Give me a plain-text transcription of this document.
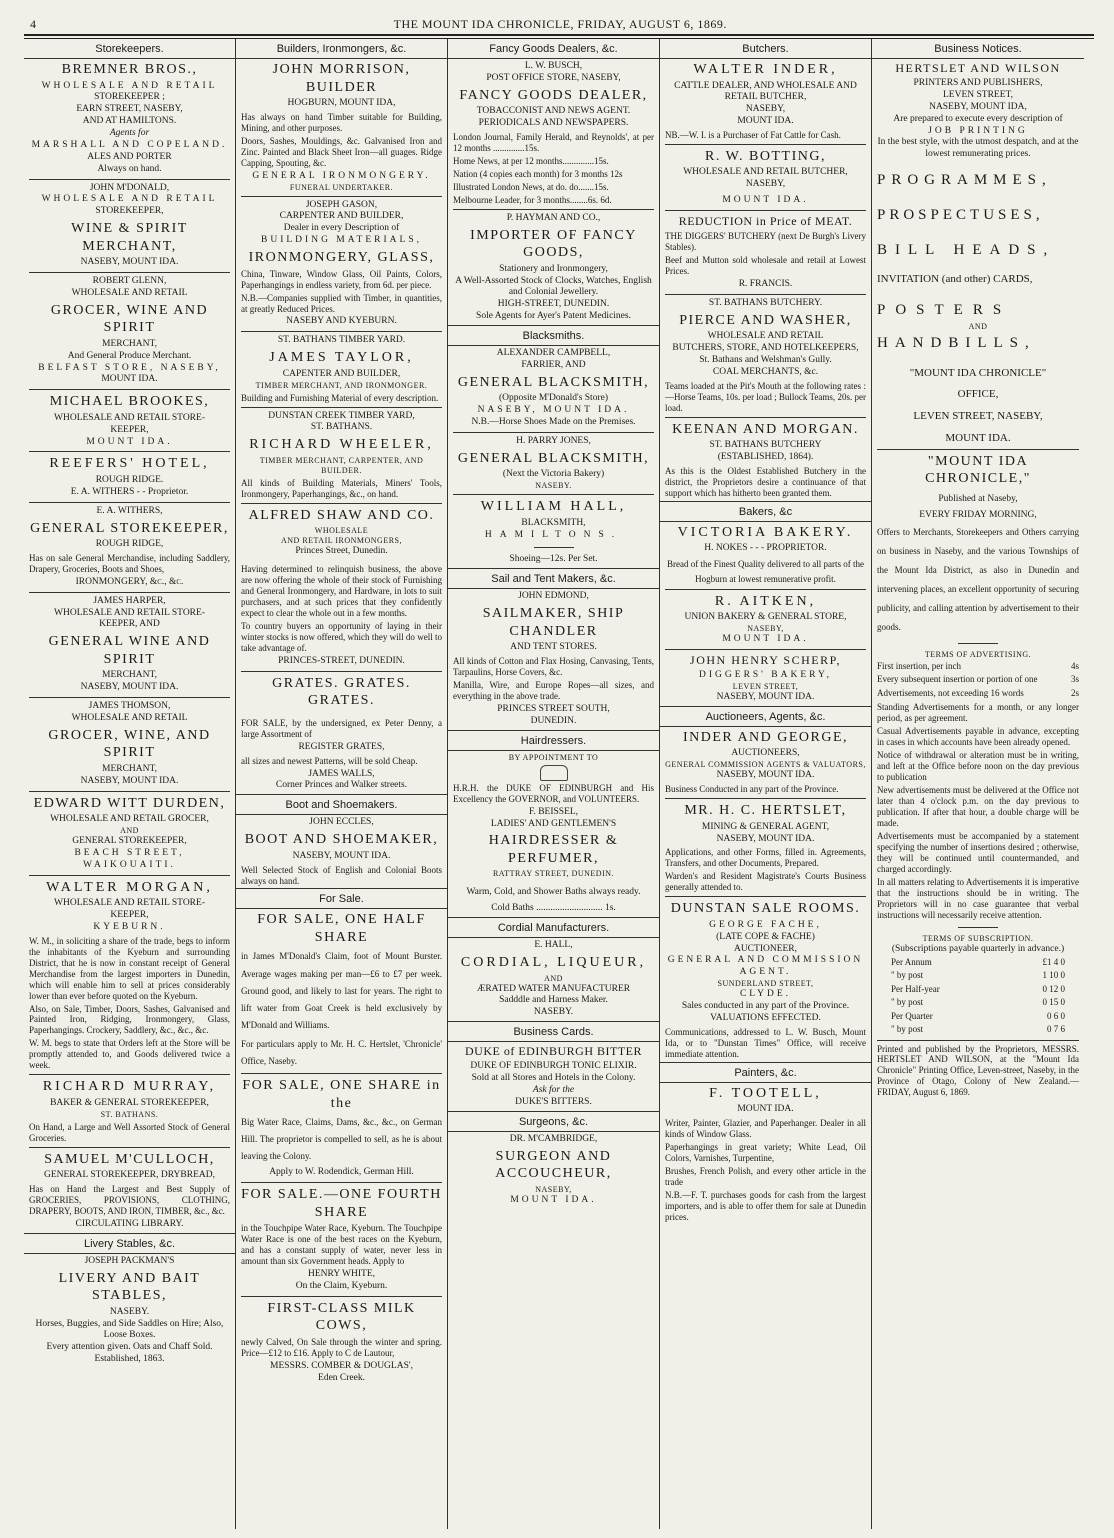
4	THE MOUNT IDA CHRONICLE, FRIDAY, AUGUST 6, 1869.
Storekeepers.
BREMNER BROS.,
WHOLESALE AND RETAIL
STOREKEEPER ;
EARN STREET, NASEBY,
AND AT HAMILTONS.
Agents for
MARSHALL AND COPELAND.
ALES AND PORTER
Always on hand.
JOHN M'DONALD,
WHOLESALE AND RETAIL
STOREKEEPER,
WINE & SPIRIT MERCHANT,
NASEBY, MOUNT IDA.
ROBERT GLENN,
WHOLESALE AND RETAIL
GROCER, WINE AND SPIRIT
MERCHANT,
And General Produce Merchant.
BELFAST STORE, NASEBY,
MOUNT IDA.
MICHAEL BROOKES,
WHOLESALE AND RETAIL STORE-
KEEPER,
MOUNT IDA.
REEFERS' HOTEL,
ROUGH RIDGE.
E. A. WITHERS - - Proprietor.
E. A. WITHERS,
GENERAL STOREKEEPER,
ROUGH RIDGE,
Has on sale General Merchandise, including Saddlery, Drapery, Groceries, Boots and Shoes,
IRONMONGERY, &c., &c.
JAMES HARPER,
WHOLESALE AND RETAIL STORE-
KEEPER, AND
GENERAL WINE AND SPIRIT
MERCHANT,
NASEBY, MOUNT IDA.
JAMES THOMSON,
WHOLESALE AND RETAIL
GROCER, WINE, AND SPIRIT
MERCHANT,
NASEBY, MOUNT IDA.
EDWARD WITT DURDEN,
WHOLESALE AND RETAIL GROCER,
AND
GENERAL STOREKEEPER,
BEACH STREET, WAIKOUAITI.
WALTER MORGAN,
WHOLESALE AND RETAIL STORE-
KEEPER,
KYEBURN.
W. M., in soliciting a share of the trade, begs to inform the inhabitants of the Kyeburn and surrounding District, that he is now in constant receipt of General Merchandise from the largest importers in Dunedin, which will enable him to sell at prices considerably lower than ever before quoted on the Kyeburn.
Also, on Sale, Timber, Doors, Sashes, Galvanised and Painted Iron, Ridging, Ironmongery, Glass, Paperhangings. Crockery, Saddlery, &c., &c., &c.
W. M. begs to state that Orders left at the Store will be promptly attended to, and Goods delivered twice a week.
RICHARD MURRAY,
BAKER & GENERAL STOREKEEPER,
ST. BATHANS.
On Hand, a Large and Well Assorted Stock of General Groceries.
SAMUEL M'CULLOCH,
GENERAL STOREKEEPER, DRYBREAD,
Has on Hand the Largest and Best Supply of GROCERIES, PROVISIONS, CLOTHING, DRAPERY, BOOTS, AND IRON, TIMBER, &c., &c.
CIRCULATING LIBRARY.
Livery Stables, &c.
JOSEPH PACKMAN'S
LIVERY AND BAIT STABLES,
NASEBY.
Horses, Buggies, and Side Saddles on Hire; Also, Loose Boxes.
Every attention given. Oats and Chaff Sold.
Established, 1863.
Builders, Ironmongers, &c.
JOHN MORRISON, BUILDER
HOGBURN, MOUNT IDA,
Has always on hand Timber suitable for Building, Mining, and other purposes.
Doors, Sashes, Mouldings, &c. Galvanised Iron and Zinc. Painted and Black Sheet Iron—all guages. Ridge Capping, Spouting, &c.
GENERAL IRONMONGERY.
FUNERAL UNDERTAKER.
JOSEPH GASON,
CARPENTER AND BUILDER,
Dealer in every Description of
BUILDING MATERIALS,
IRONMONGERY, GLASS,
China, Tinware, Window Glass, Oil Paints, Colors, Paperhangings in endless variety, from 6d. per piece.
N.B.—Companies supplied with Timber, in quantities, at greatly Reduced Prices.
NASEBY AND KYEBURN.
ST. BATHANS TIMBER YARD.
JAMES TAYLOR,
CAPENTER AND BUILDER,
TIMBER MERCHANT, AND IRONMONGER.
Building and Furnishing Material of every description.
DUNSTAN CREEK TIMBER YARD,
ST. BATHANS.
RICHARD WHEELER,
TIMBER MERCHANT, CARPENTER, AND BUILDER.
All kinds of Building Materials, Miners' Tools, Ironmongery, Paperhangings, &c., on hand.
ALFRED SHAW AND CO.
WHOLESALE
AND RETAIL IRONMONGERS,
Princes Street, Dunedin.
Having determined to relinquish business, the above are now offering the whole of their stock of Furnishing and General Ironmongery, and Hardware, in lots to suit purchasers, and at such prices that they confidently expect to clear the whole out in a few months.
To country buyers an opportunity of laying in their winter stocks is now offered, which they will do well to take advantage of.
PRINCES-STREET, DUNEDIN.
GRATES. GRATES. GRATES.
FOR SALE, by the undersigned, ex Peter Denny, a large Assortment of
REGISTER GRATES,
all sizes and newest Patterns, will be sold Cheap.
JAMES WALLS,
Corner Princes and Walker streets.
Boot and Shoemakers.
JOHN ECCLES,
BOOT AND SHOEMAKER,
NASEBY, MOUNT IDA.
Well Selected Stock of English and Colonial Boots always on hand.
For Sale.
FOR SALE, ONE HALF SHARE
in James M'Donald's Claim, foot of Mount Burster. Average wages making per man—£6 to £7 per week. Ground good, and likely to last for years. The right to lift water from Goat Creek is held exclusively by M'Donald and Williams.
For particulars apply to Mr. H. C. Hertslet, 'Chronicle' Office, Naseby.
FOR SALE, ONE SHARE in the
Big Water Race, Claims, Dams, &c., &c., on German Hill. The proprietor is compelled to sell, as he is about leaving the Colony.
Apply to W. Rodendick, German Hill.
FOR SALE.—ONE FOURTH SHARE
in the Touchpipe Water Race, Kyeburn. The Touchpipe Water Race is one of the best races on the Kyeburn, and has a constant supply of water, never less in amount than six Government heads. Apply to
HENRY WHITE,
On the Claim, Kyeburn.
FIRST-CLASS MILK COWS,
newly Calved, On Sale through the winter and spring. Price—£12 to £16. Apply to C de Lautour,
MESSRS. COMBER & DOUGLAS',
Eden Creek.
Fancy Goods Dealers, &c.
L. W. BUSCH,
POST OFFICE STORE, NASEBY,
FANCY GOODS DEALER,
TOBACCONIST AND NEWS AGENT.
PERIODICALS AND NEWSPAPERS.
London Journal, Family Herald, and Reynolds', at per 12 months ..............15s.
Home News, at per 12 months..............15s.
Nation (4 copies each month) for 3 months 12s
Illustrated London News, at do. do.......15s.
Melbourne Leader, for 3 months........6s. 6d.
P. HAYMAN AND CO.,
IMPORTER OF FANCY GOODS,
Stationery and Ironmongery,
A Well-Assorted Stock of Clocks, Watches, English and Colonial Jewellery.
HIGH-STREET, DUNEDIN.
Sole Agents for Ayer's Patent Medicines.
Blacksmiths.
ALEXANDER CAMPBELL,
FARRIER, AND
GENERAL BLACKSMITH,
(Opposite M'Donald's Store)
NASEBY, MOUNT IDA.
N.B.—Horse Shoes Made on the Premises.
H. PARRY JONES,
GENERAL BLACKSMITH,
(Next the Victoria Bakery)
NASEBY.
WILLIAM HALL,
BLACKSMITH,
HAMILTONS.
Shoeing—12s. Per Set.
Sail and Tent Makers, &c.
JOHN EDMOND,
SAILMAKER, SHIP CHANDLER
AND TENT STORES.
All kinds of Cotton and Flax Hosing, Canvasing, Tents, Tarpaulins, Horse Covers, &c.
Manilla, Wire, and Europe Ropes—all sizes, and everything in the above trade.
PRINCES STREET SOUTH,
DUNEDIN.
Hairdressers.
BY APPOINTMENT TO
H.R.H. the DUKE OF EDINBURGH and His Excellency the GOVERNOR, and VOLUNTEERS.
F. BEISSEL,
LADIES' AND GENTLEMEN'S
HAIRDRESSER & PERFUMER,
RATTRAY STREET, DUNEDIN.
Warm, Cold, and Shower Baths always ready.
Cold Baths ............................ 1s.
Cordial Manufacturers.
E. HALL,
CORDIAL, LIQUEUR,
AND
ÆRATED WATER MANUFACTURER
Sadddle and Harness Maker.
NASEBY.
Business Cards.
DUKE of EDINBURGH BITTER
DUKE OF EDINBURGH TONIC ELIXIR.
Sold at all Stores and Hotels in the Colony.
Ask for the
DUKE'S BITTERS.
Surgeons, &c.
DR. M'CAMBRIDGE,
SURGEON AND ACCOUCHEUR,
NASEBY,
MOUNT IDA.
Butchers.
WALTER INDER,
CATTLE DEALER, AND WHOLESALE AND RETAIL BUTCHER,
NASEBY,
MOUNT IDA.
NB.—W. I. is a Purchaser of Fat Cattle for Cash.
R. W. BOTTING,
WHOLESALE AND RETAIL BUTCHER,
NASEBY,
MOUNT IDA.
REDUCTION in Price of MEAT.
THE DIGGERS' BUTCHERY (next De Burgh's Livery Stables).
Beef and Mutton sold wholesale and retail at Lowest Prices.
R. FRANCIS.
ST. BATHANS BUTCHERY.
PIERCE AND WASHER,
WHOLESALE AND RETAIL
BUTCHERS, STORE, AND HOTELKEEPERS,
St. Bathans and Welshman's Gully.
COAL MERCHANTS, &c.
Teams loaded at the Pit's Mouth at the following rates :—Horse Teams, 10s. per load ; Bullock Teams, 20s. per load.
KEENAN AND MORGAN.
ST. BATHANS BUTCHERY
(ESTABLISHED, 1864).
As this is the Oldest Established Butchery in the district, the Proprietors desire a continuance of that support which has hitherto been granted them.
Bakers, &c
VICTORIA BAKERY.
H. NOKES - - - PROPRIETOR.
Bread of the Finest Quality delivered to all parts of the Hogburn at lowest remunerative profit.
R. AITKEN,
UNION BAKERY & GENERAL STORE,
NASEBY,
MOUNT IDA.
JOHN HENRY SCHERP,
DIGGERS' BAKERY,
LEVEN STREET,
NASEBY, MOUNT IDA.
Auctioneers, Agents, &c.
INDER AND GEORGE,
AUCTIONEERS,
GENERAL COMMISSION AGENTS & VALUATORS,
NASEBY, MOUNT IDA.
Business Conducted in any part of the Province.
MR. H. C. HERTSLET,
MINING & GENERAL AGENT,
NASEBY, MOUNT IDA.
Applications, and other Forms, filled in. Agreements, Transfers, and other Documents, Prepared.
Warden's and Resident Magistrate's Courts Business generally attended to.
DUNSTAN SALE ROOMS.
GEORGE FACHE,
(LATE COPE & FACHE)
AUCTIONEER,
GENERAL AND COMMISSION AGENT.
SUNDERLAND STREET,
CLYDE.
Sales conducted in any part of the Province.
VALUATIONS EFFECTED.
Communications, addressed to L. W. Busch, Mount Ida, or to "Dunstan Times" Office, will receive immediate attention.
Painters, &c.
F. TOOTELL,
MOUNT IDA.
Writer, Painter, Glazier, and Paperhanger. Dealer in all kinds of Window Glass.
Paperhangings in great variety; White Lead, Oil Colors, Varnishes, Turpentine,
Brushes, French Polish, and every other article in the trade
N.B.—F. T. purchases goods for cash from the largest importers, and is able to offer them for sale at Dunedin prices.
Business Notices.
HERTSLET AND WILSON
PRINTERS AND PUBLISHERS,
LEVEN STREET,
NASEBY, MOUNT IDA,
Are prepared to execute every description of
JOB PRINTING
In the best style, with the utmost despatch, and at the lowest remunerating prices.
PROGRAMMES,
PROSPECTUSES,
BILL HEADS,
INVITATION (and other) CARDS,
POSTERS
AND
HANDBILLS,
"MOUNT IDA CHRONICLE"
OFFICE,
LEVEN STREET, NASEBY,
MOUNT IDA.
"MOUNT IDA CHRONICLE,"
Published at Naseby,
EVERY FRIDAY MORNING,
Offers to Merchants, Storekeepers and Others carrying on business in Naseby, and the various Townships of the Mount Ida District, as also in Dunedin and intervening places, an excellent opportunity of securing publicity, and calling attention by advertisement to their goods.
TERMS OF ADVERTISING.
First insertion, per inch	4s
Every subsequent insertion or portion of one	3s
Advertisements, not exceeding 16 words	2s
Standing Advertisements for a month, or any longer period, as per agreement.
Casual Advertisements payable in advance, excepting in cases in which accounts have been already opened.
Notice of withdrawal or alteration must be in writing, and left at the Office before noon on the day previous to publication
New advertisements must be delivered at the Office not later than 4 o'clock p.m. on the day previous to publication. If after that hour, a double charge will be made.
Advertisements must be accompanied by a statement specifying the number of insertions desired ; otherwise, they will be continued until countermanded, and charged accordingly.
In all matters relating to Advertisements it is imperative that the instructions should be in writing. The Proprietors will in no case guarantee that verbal instructions will necessarily receive attention.
TERMS OF SUBSCRIPTION.
(Subscriptions payable quarterly in advance.)
Per Annum	£1 4 0
" by post	1 10 0
Per Half-year	0 12 0
" by post	0 15 0
Per Quarter	0 6 0
" by post	0 7 6
Printed and published by the Proprietors, MESSRS. HERTSLET AND WILSON, at the "Mount Ida Chronicle" Printing Office, Leven-street, Naseby, in the Province of Otago, Colony of New Zealand.—FRIDAY, August 6, 1869.
